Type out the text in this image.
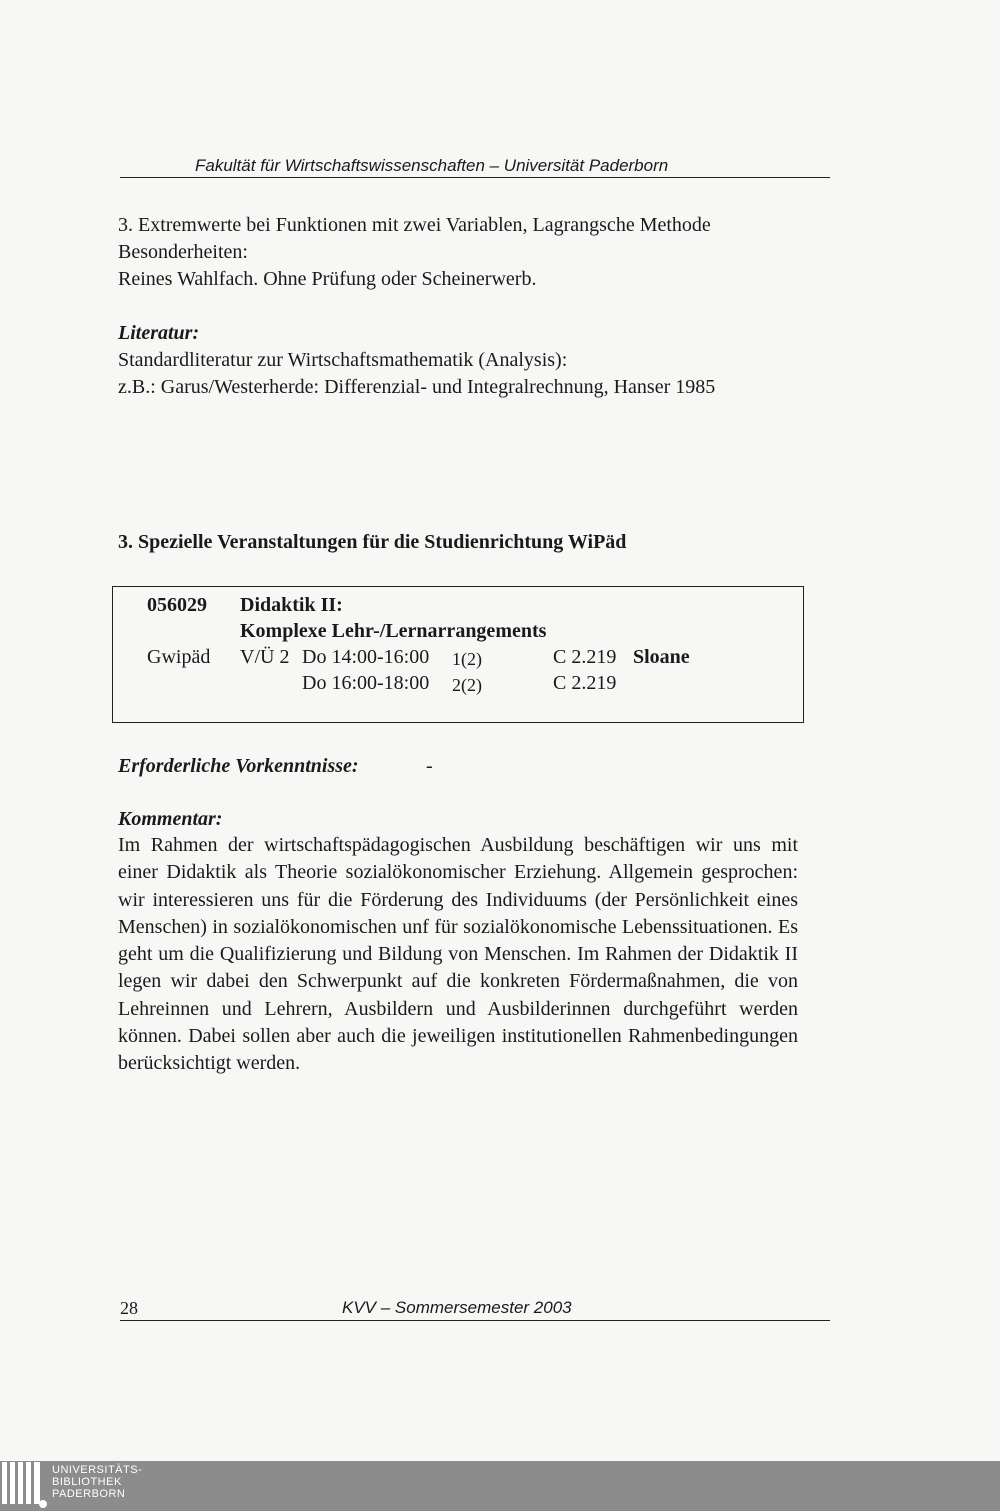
Fakultät für Wirtschaftswissenschaften – Universität Paderborn
3. Extremwerte bei Funktionen mit zwei Variablen, Lagrangsche Methode
Besonderheiten:
Reines Wahlfach. Ohne Prüfung oder Scheinerwerb.
Literatur:
Standardliteratur zur Wirtschaftsmathematik (Analysis):
z.B.: Garus/Westerherde: Differenzial- und Integralrechnung, Hanser 1985
3. Spezielle Veranstaltungen für die Studienrichtung WiPäd
056029 Didaktik II:
Komplexe Lehr-/Lernarrangements
Gwipäd V/Ü 2 Do 14:00-16:00 1(2)	C 2.219 Sloane
Do 16:00-18:00 2(2)	C 2.219
Erforderliche Vorkenntnisse:	-
Kommentar:

Im Rahmen der wirtschaftspädagogischen Ausbildung beschäftigen wir uns mit einer Didaktik als Theorie sozialökonomischer Erziehung. Allgemein gesprochen: wir interessieren uns für die Förderung des Individuums (der Persönlichkeit eines Menschen) in sozialökonomischen unf für sozialökonomische Lebenssituationen. Es geht um die Qualifizierung und Bildung von Menschen. Im Rahmen der Didaktik II legen wir dabei den Schwerpunkt auf die konkreten Fördermaßnahmen, die von Lehreinnen und Lehrern, Ausbildern und Ausbilderinnen durchgeführt werden können. Dabei sollen aber auch die jeweiligen institutionellen Rahmenbedingungen berücksichtigt werden.

28	KVV – Sommersemester 2003
UNIVERSITÄTS-
BIBLIOTHEK
PADERBORN
